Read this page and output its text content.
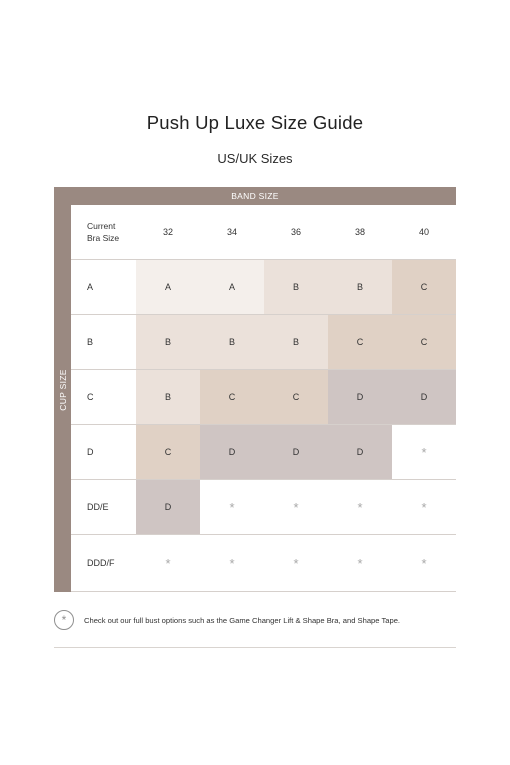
Push Up Luxe Size Guide
US/UK Sizes
BAND SIZE
CUP SIZE
Current
Bra Size
32	34	36	38	40
A	A	A	B	B	C
B	B	B	B	C	C
C	B	C	C	D	D
D	C	D	D	D	*
DD/E	D	*	*	*	*
DDD/F	*	*	*	*	*
*	Check out our full bust options such as the Game Changer Lift & Shape Bra, and Shape Tape.
